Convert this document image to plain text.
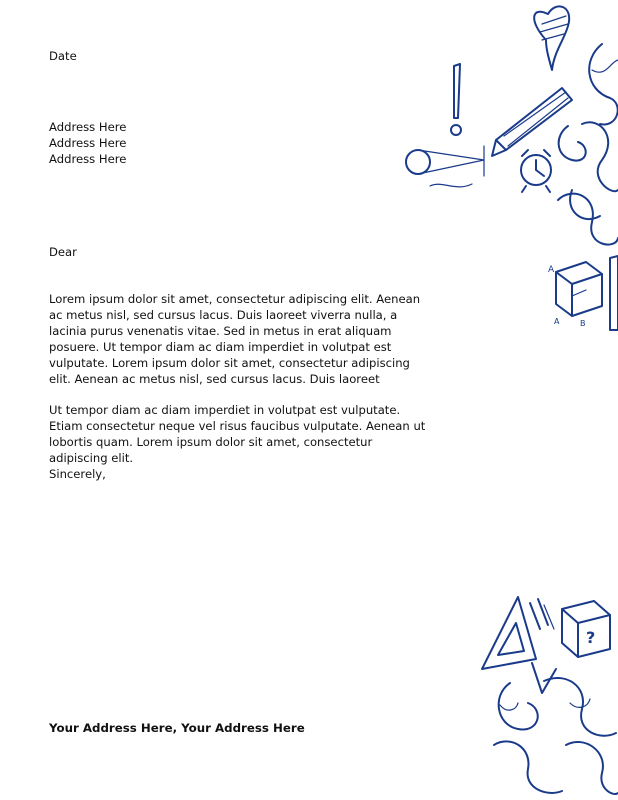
Date

Address Here
Address Here
Address Here

Dear

Lorem ipsum dolor sit amet, consectetur adipiscing elit. Aenean ac metus nisl, sed cursus lacus. Duis laoreet viverra nulla, a lacinia purus venenatis vitae. Sed in metus in erat aliquam posuere. Ut tempor diam ac diam imperdiet in volutpat est vulputate. Lorem ipsum dolor sit amet, consectetur adipiscing elit. Aenean ac metus nisl, sed cursus lacus. Duis laoreet

Ut tempor diam ac diam imperdiet in volutpat est vulputate. Etiam consectetur neque vel risus faucibus vulputate. Aenean ut lobortis quam. Lorem ipsum dolor sit amet, consectetur adipiscing elit.

Sincerely,

Your Address Here, Your Address Here

A
A	B
?
